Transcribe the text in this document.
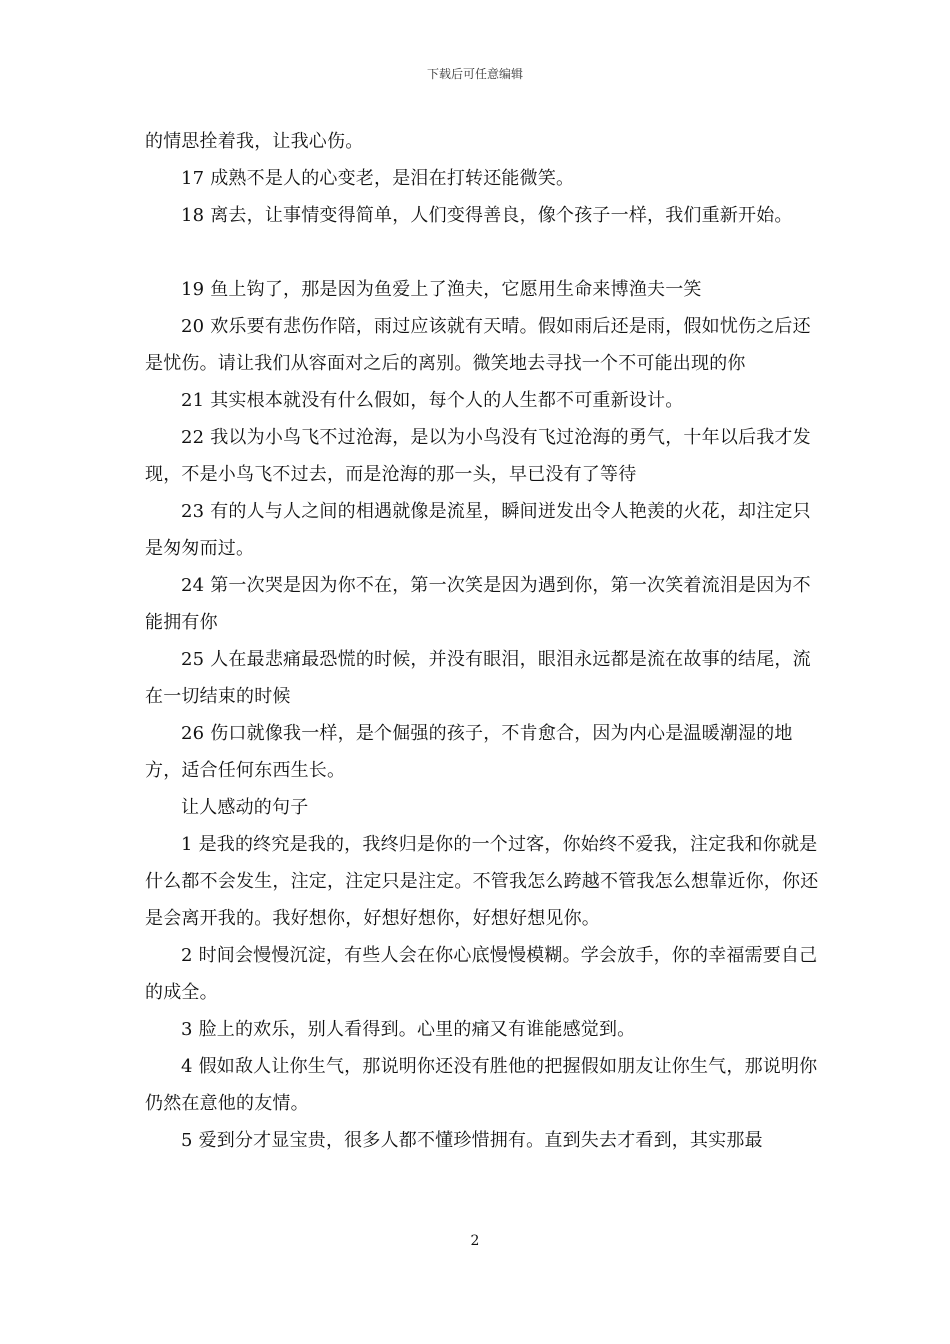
下载后可任意编辑

的情思拴着我，让我心伤。

17 成熟不是人的心变老，是泪在打转还能微笑。

18 离去，让事情变得简单，人们变得善良，像个孩子一样，我们重新开始。

19 鱼上钩了，那是因为鱼爱上了渔夫，它愿用生命来博渔夫一笑

20 欢乐要有悲伤作陪，雨过应该就有天晴。假如雨后还是雨，假如忧伤之后还是忧伤。请让我们从容面对之后的离别。微笑地去寻找一个不可能出现的你

21 其实根本就没有什么假如，每个人的人生都不可重新设计。

22 我以为小鸟飞不过沧海，是以为小鸟没有飞过沧海的勇气，十年以后我才发现，不是小鸟飞不过去，而是沧海的那一头，早已没有了等待

23 有的人与人之间的相遇就像是流星，瞬间迸发出令人艳羡的火花，却注定只是匆匆而过。

24 第一次哭是因为你不在，第一次笑是因为遇到你，第一次笑着流泪是因为不能拥有你

25 人在最悲痛最恐慌的时候，并没有眼泪，眼泪永远都是流在故事的结尾，流在一切结束的时候

26 伤口就像我一样，是个倔强的孩子，不肯愈合，因为内心是温暖潮湿的地方，适合任何东西生长。

让人感动的句子

1 是我的终究是我的，我终归是你的一个过客，你始终不爱我，注定我和你就是什么都不会发生，注定，注定只是注定。不管我怎么跨越不管我怎么想靠近你，你还是会离开我的。我好想你，好想好想你，好想好想见你。

2 时间会慢慢沉淀，有些人会在你心底慢慢模糊。学会放手，你的幸福需要自己的成全。

3 脸上的欢乐，别人看得到。心里的痛又有谁能感觉到。

4 假如敌人让你生气，那说明你还没有胜他的把握假如朋友让你生气，那说明你仍然在意他的友情。

5 爱到分才显宝贵，很多人都不懂珍惜拥有。直到失去才看到，其实那最

2
